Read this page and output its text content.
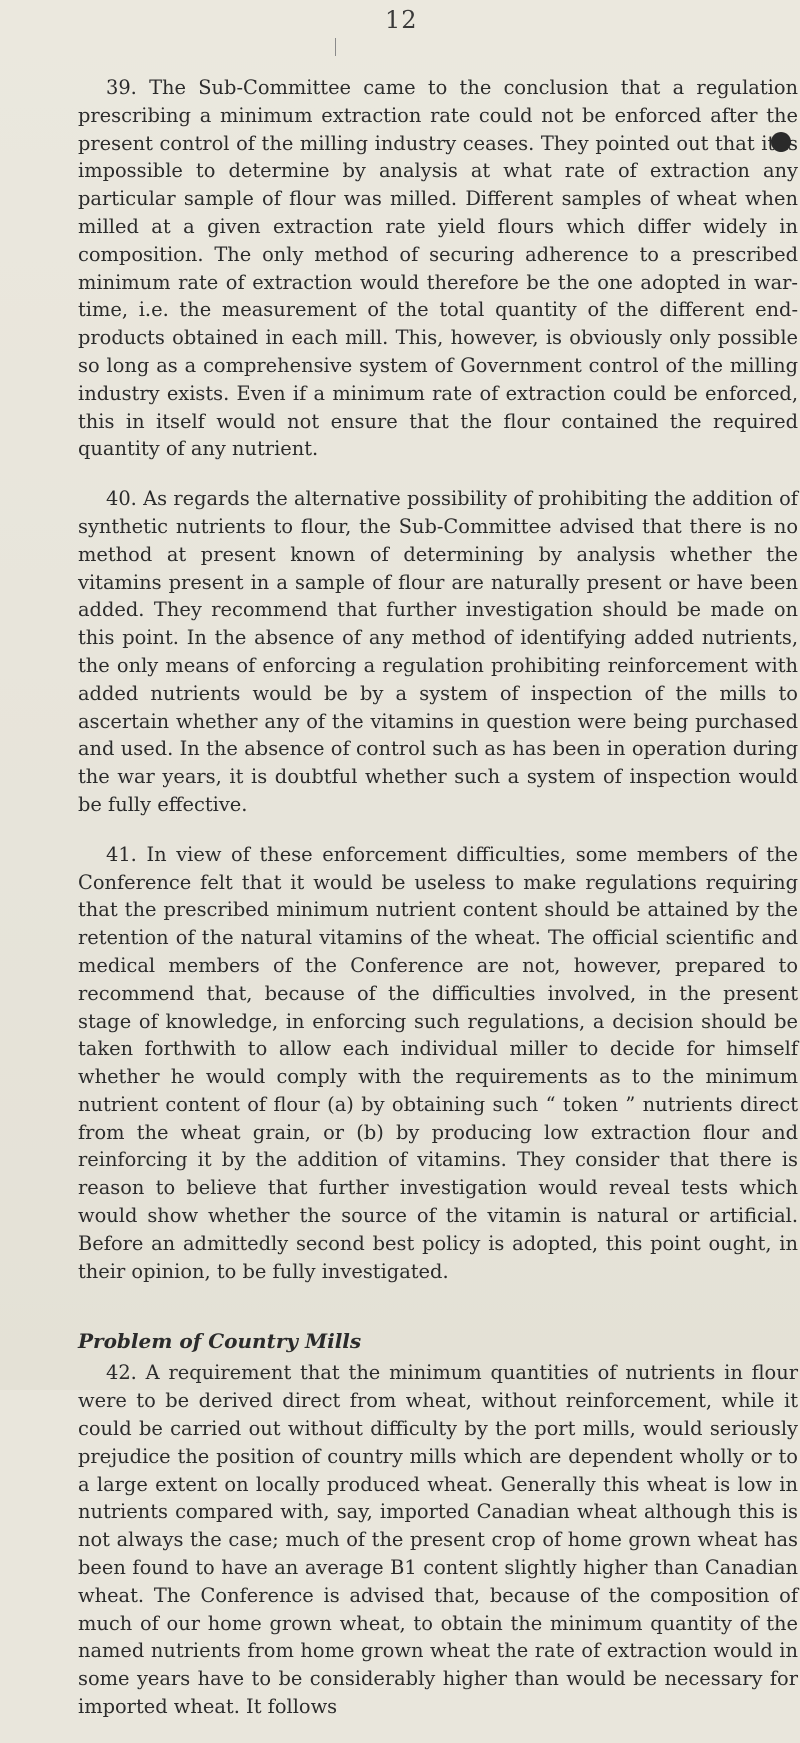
12

39. The Sub-Committee came to the conclusion that a regulation prescribing a minimum extraction rate could not be enforced after the present control of the milling industry ceases. They pointed out that it is impossible to determine by analysis at what rate of extraction any particular sample of flour was milled. Different samples of wheat when milled at a given extraction rate yield flours which differ widely in composition. The only method of securing adherence to a prescribed minimum rate of extraction would therefore be the one adopted in war-time, i.e. the measurement of the total quantity of the different end-products obtained in each mill. This, however, is obviously only possible so long as a comprehensive system of Government control of the milling industry exists. Even if a minimum rate of extraction could be enforced, this in itself would not ensure that the flour contained the required quantity of any nutrient.

40. As regards the alternative possibility of prohibiting the addition of synthetic nutrients to flour, the Sub-Committee advised that there is no method at present known of determining by analysis whether the vitamins present in a sample of flour are naturally present or have been added. They recommend that further investigation should be made on this point. In the absence of any method of identifying added nutrients, the only means of enforcing a regulation prohibiting reinforcement with added nutrients would be by a system of inspection of the mills to ascertain whether any of the vitamins in question were being purchased and used. In the absence of control such as has been in operation during the war years, it is doubtful whether such a system of inspection would be fully effective.

41. In view of these enforcement difficulties, some members of the Conference felt that it would be useless to make regulations requiring that the prescribed minimum nutrient content should be attained by the retention of the natural vitamins of the wheat. The official scientific and medical members of the Conference are not, however, prepared to recommend that, because of the difficulties involved, in the present stage of knowledge, in enforcing such regulations, a decision should be taken forthwith to allow each individual miller to decide for himself whether he would comply with the requirements as to the minimum nutrient content of flour (a) by obtaining such “ token ” nutrients direct from the wheat grain, or (b) by producing low extraction flour and reinforcing it by the addition of vitamins. They consider that there is reason to believe that further investigation would reveal tests which would show whether the source of the vitamin is natural or artificial. Before an admittedly second best policy is adopted, this point ought, in their opinion, to be fully investigated.

Problem of Country Mills

42. A requirement that the minimum quantities of nutrients in flour were to be derived direct from wheat, without reinforcement, while it could be carried out without difficulty by the port mills, would seriously prejudice the position of country mills which are dependent wholly or to a large extent on locally produced wheat. Generally this wheat is low in nutrients compared with, say, imported Canadian wheat although this is not always the case; much of the present crop of home grown wheat has been found to have an average B1 content slightly higher than Canadian wheat. The Conference is advised that, because of the composition of much of our home grown wheat, to obtain the minimum quantity of the named nutrients from home grown wheat the rate of extraction would in some years have to be considerably higher than would be necessary for imported wheat. It follows
